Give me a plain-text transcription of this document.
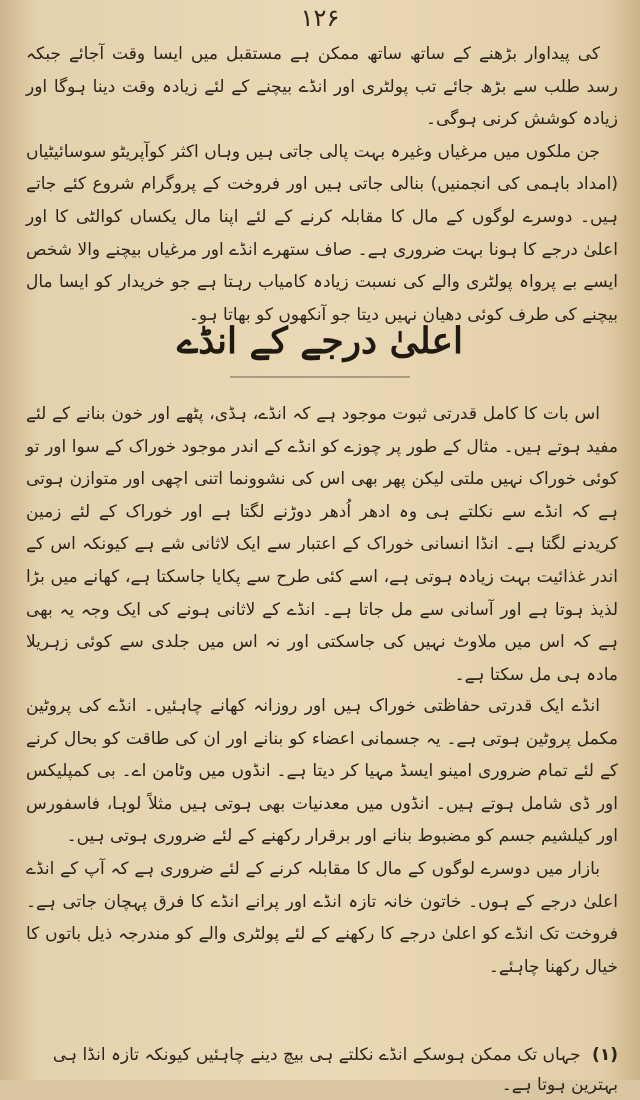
۱۲۶

کی پیداوار بڑھنے کے ساتھ ساتھ ممکن ہے مستقبل میں ایسا وقت آجائے جبکہ رسد طلب سے بڑھ جائے تب پولٹری اور انڈے بیچنے کے لئے زیادہ وقت دینا ہوگا اور زیادہ کوشش کرنی ہوگی۔

جن ملکوں میں مرغیاں وغیرہ بہت پالی جاتی ہیں وہاں اکثر کوآپریٹو سوسائیٹیاں (امداد باہمی کی انجمنیں) بنالی جاتی ہیں اور فروخت کے پروگرام شروع کئے جاتے ہیں۔ دوسرے لوگوں کے مال کا مقابلہ کرنے کے لئے اپنا مال یکساں کوالٹی کا اور اعلیٰ درجے کا ہونا بہت ضروری ہے۔ صاف ستھرے انڈے اور مرغیاں بیچنے والا شخص ایسے بے پرواہ پولٹری والے کی نسبت زیادہ کامیاب رہتا ہے جو خریدار کو ایسا مال بیچنے کی طرف کوئی دھیان نہیں دیتا جو آنکھوں کو بھاتا ہو۔

اعلیٰ درجے کے انڈے

اس بات کا کامل قدرتی ثبوت موجود ہے کہ انڈے، ہڈی، پٹھے اور خون بنانے کے لئے مفید ہوتے ہیں۔ مثال کے طور پر چوزے کو انڈے کے اندر موجود خوراک کے سوا اور تو کوئی خوراک نہیں ملتی لیکن پھر بھی اس کی نشوونما اتنی اچھی اور متوازن ہوتی ہے کہ انڈے سے نکلتے ہی وہ ادھر اُدھر دوڑنے لگتا ہے اور خوراک کے لئے زمین کریدنے لگتا ہے۔ انڈا انسانی خوراک کے اعتبار سے ایک لاثانی شے ہے کیونکہ اس کے اندر غذائیت بہت زیادہ ہوتی ہے، اسے کئی طرح سے پکایا جاسکتا ہے، کھانے میں بڑا لذیذ ہوتا ہے اور آسانی سے مل جاتا ہے۔ انڈے کے لاثانی ہونے کی ایک وجہ یہ بھی ہے کہ اس میں ملاوٹ نہیں کی جاسکتی اور نہ اس میں جلدی سے کوئی زہریلا مادہ ہی مل سکتا ہے۔

انڈے ایک قدرتی حفاظتی خوراک ہیں اور روزانہ کھانے چاہئیں۔ انڈے کی پروٹین مکمل پروٹین ہوتی ہے۔ یہ جسمانی اعضاء کو بنانے اور ان کی طاقت کو بحال کرنے کے لئے تمام ضروری امینو ایسڈ مہیا کر دیتا ہے۔ انڈوں میں وٹامن اے۔ بی کمپلیکس اور ڈی شامل ہوتے ہیں۔ انڈوں میں معدنیات بھی ہوتی ہیں مثلاً لوہا، فاسفورس اور کیلشیم جسم کو مضبوط بنانے اور برقرار رکھنے کے لئے ضروری ہوتی ہیں۔

بازار میں دوسرے لوگوں کے مال کا مقابلہ کرنے کے لئے ضروری ہے کہ آپ کے انڈے اعلیٰ درجے کے ہوں۔ خاتون خانہ تازہ انڈے اور پرانے انڈے کا فرق پہچان جاتی ہے۔ فروخت تک انڈے کو اعلیٰ درجے کا رکھنے کے لئے پولٹری والے کو مندرجہ ذیل باتوں کا خیال رکھنا چاہئے۔

(۱) جہاں تک ممکن ہوسکے انڈے نکلتے ہی بیچ دینے چاہئیں کیونکہ تازہ انڈا ہی بہترین ہوتا ہے۔
